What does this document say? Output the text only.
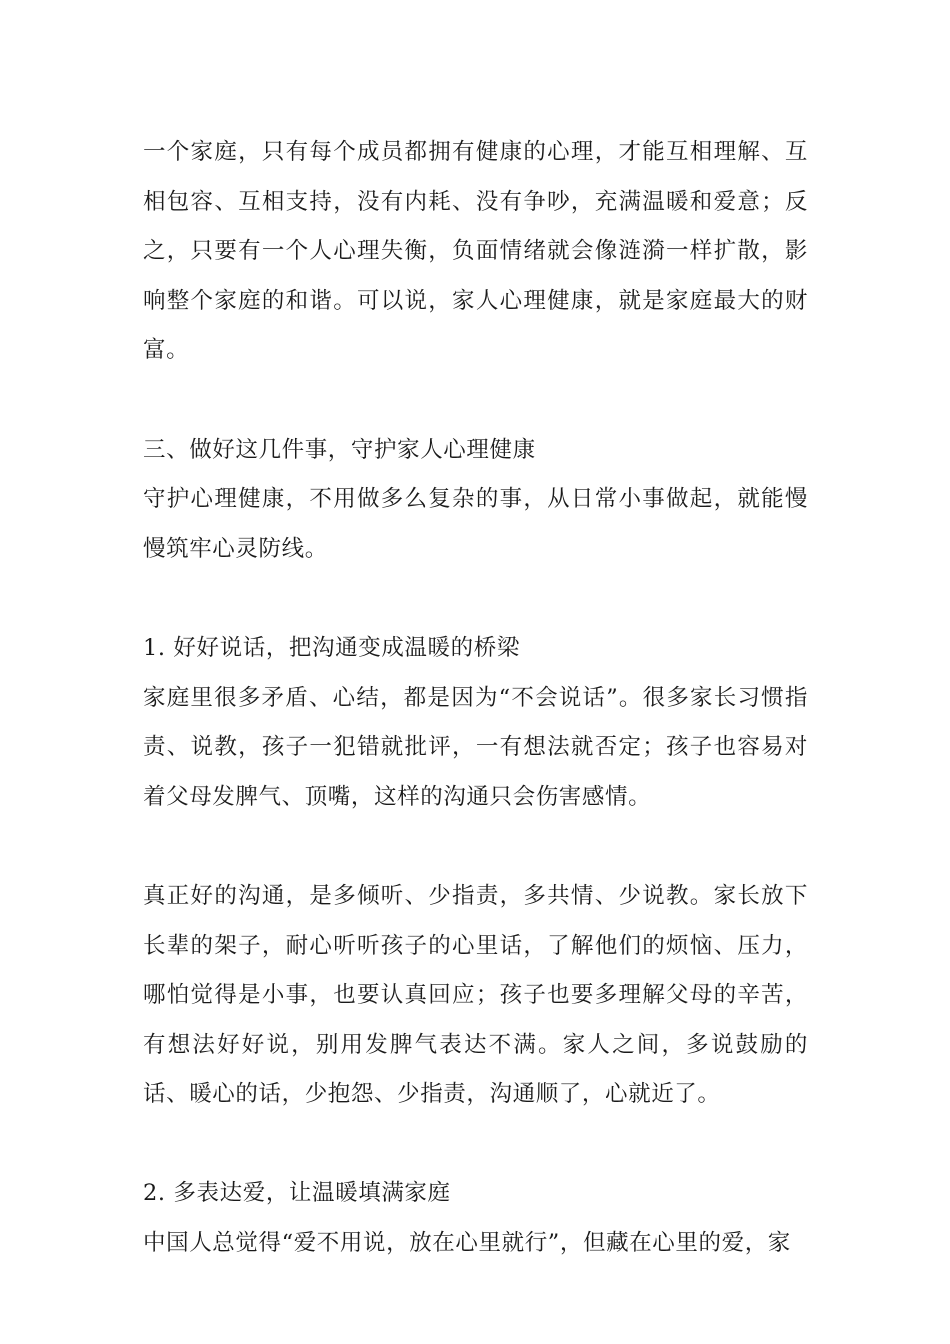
一个家庭，只有每个成员都拥有健康的心理，才能互相理解、互相包容、互相支持，没有内耗、没有争吵，充满温暖和爱意；反之，只要有一个人心理失衡，负面情绪就会像涟漪一样扩散，影响整个家庭的和谐。可以说，家人心理健康，就是家庭最大的财富。

三、做好这几件事，守护家人心理健康

守护心理健康，不用做多么复杂的事，从日常小事做起，就能慢慢筑牢心灵防线。

1. 好好说话，把沟通变成温暖的桥梁

家庭里很多矛盾、心结，都是因为“不会说话”。很多家长习惯指责、说教，孩子一犯错就批评，一有想法就否定；孩子也容易对着父母发脾气、顶嘴，这样的沟通只会伤害感情。

真正好的沟通，是多倾听、少指责，多共情、少说教。家长放下长辈的架子，耐心听听孩子的心里话，了解他们的烦恼、压力，哪怕觉得是小事，也要认真回应；孩子也要多理解父母的辛苦，有想法好好说，别用发脾气表达不满。家人之间，多说鼓励的话、暖心的话，少抱怨、少指责，沟通顺了，心就近了。

2. 多表达爱，让温暖填满家庭

中国人总觉得“爱不用说，放在心里就行”，但藏在心里的爱，家
